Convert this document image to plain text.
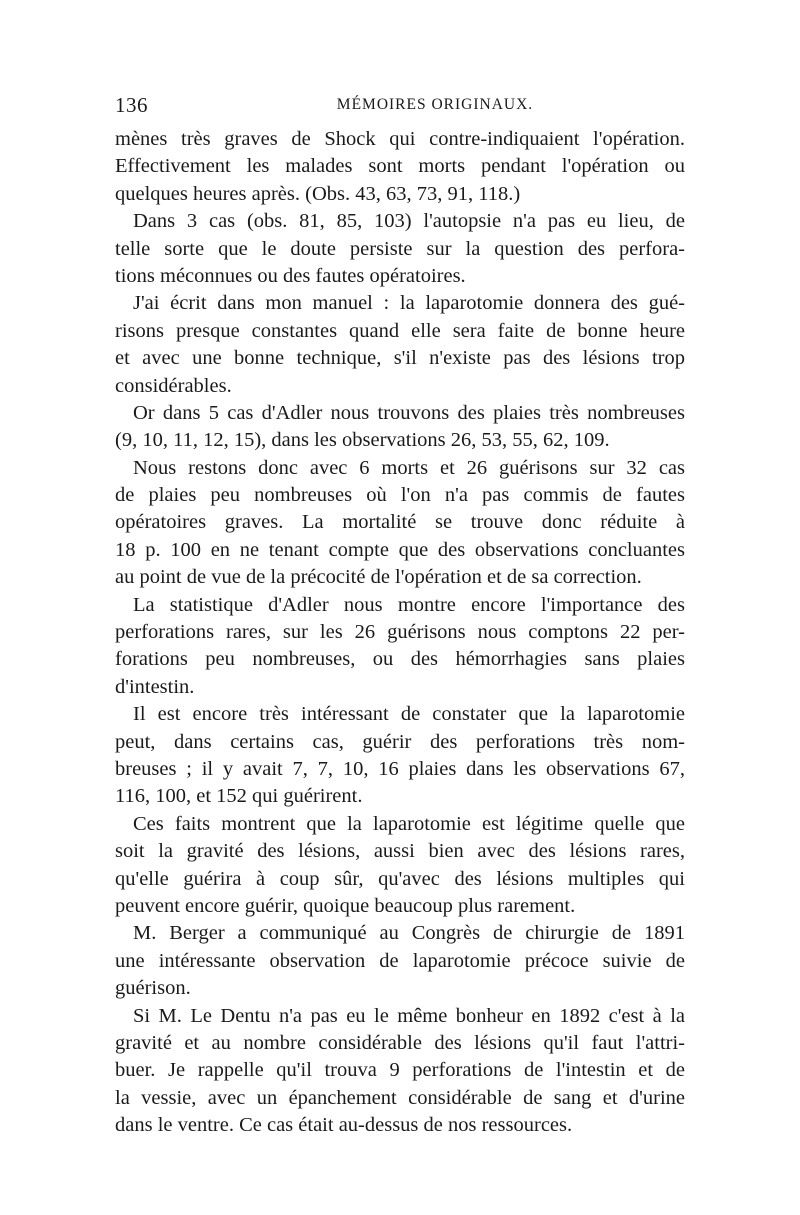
136	MÉMOIRES ORIGINAUX.
mènes très graves de Shock qui contre-indiquaient l'opération.
Effectivement les malades sont morts pendant l'opération ou
quelques heures après. (Obs. 43, 63, 73, 91, 118.)
Dans 3 cas (obs. 81, 85, 103) l'autopsie n'a pas eu lieu, de
telle sorte que le doute persiste sur la question des perfora-
tions méconnues ou des fautes opératoires.
J'ai écrit dans mon manuel : la laparotomie donnera des gué-
risons presque constantes quand elle sera faite de bonne heure
et avec une bonne technique, s'il n'existe pas des lésions trop
considérables.
Or dans 5 cas d'Adler nous trouvons des plaies très nombreuses
(9, 10, 11, 12, 15), dans les observations 26, 53, 55, 62, 109.
Nous restons donc avec 6 morts et 26 guérisons sur 32 cas
de plaies peu nombreuses où l'on n'a pas commis de fautes
opératoires graves. La mortalité se trouve donc réduite à
18 p. 100 en ne tenant compte que des observations concluantes
au point de vue de la précocité de l'opération et de sa correction.
La statistique d'Adler nous montre encore l'importance des
perforations rares, sur les 26 guérisons nous comptons 22 per-
forations peu nombreuses, ou des hémorrhagies sans plaies
d'intestin.
Il est encore très intéressant de constater que la laparotomie
peut, dans certains cas, guérir des perforations très nom-
breuses ; il y avait 7, 7, 10, 16 plaies dans les observations 67,
116, 100, et 152 qui guérirent.
Ces faits montrent que la laparotomie est légitime quelle que
soit la gravité des lésions, aussi bien avec des lésions rares,
qu'elle guérira à coup sûr, qu'avec des lésions multiples qui
peuvent encore guérir, quoique beaucoup plus rarement.
M. Berger a communiqué au Congrès de chirurgie de 1891
une intéressante observation de laparotomie précoce suivie de
guérison.
Si M. Le Dentu n'a pas eu le même bonheur en 1892 c'est à la
gravité et au nombre considérable des lésions qu'il faut l'attri-
buer. Je rappelle qu'il trouva 9 perforations de l'intestin et de
la vessie, avec un épanchement considérable de sang et d'urine
dans le ventre. Ce cas était au-dessus de nos ressources.
